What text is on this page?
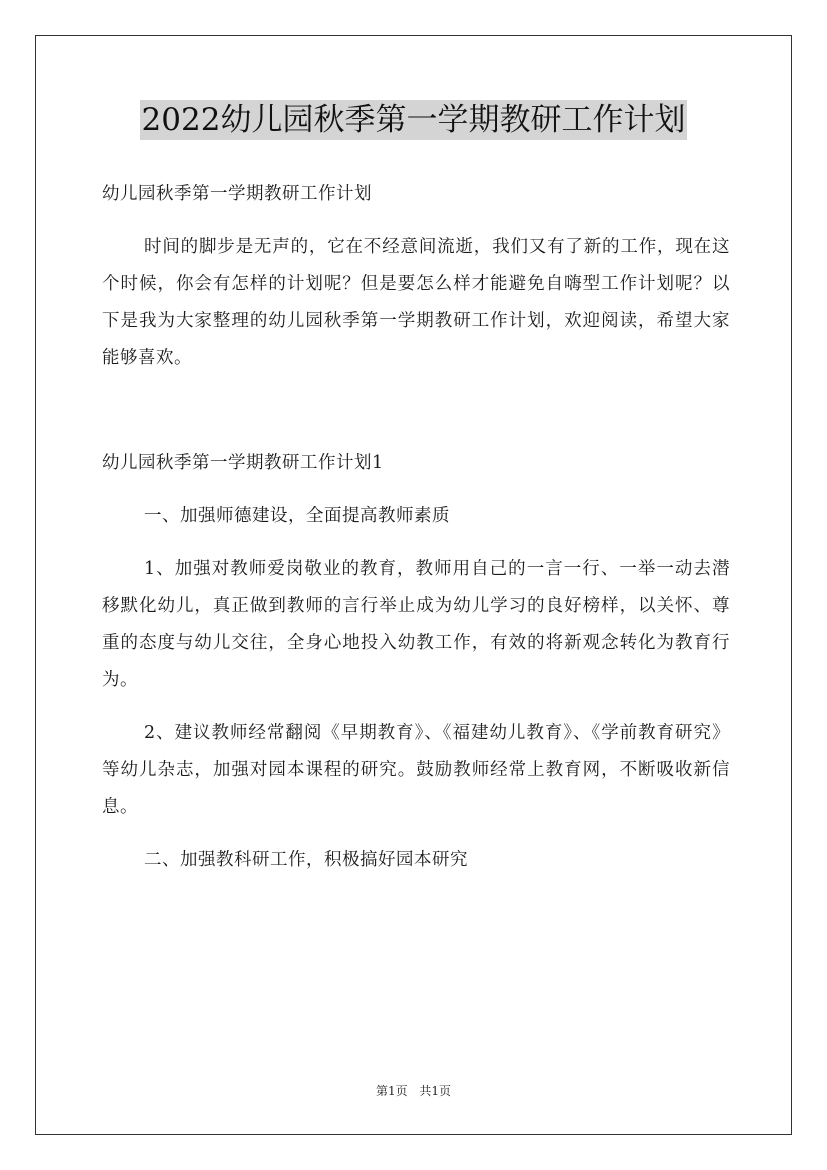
2022幼儿园秋季第一学期教研工作计划

幼儿园秋季第一学期教研工作计划

时间的脚步是无声的，它在不经意间流逝，我们又有了新的工作，现在这个时候，你会有怎样的计划呢？但是要怎么样才能避免自嗨型工作计划呢？以下是我为大家整理的幼儿园秋季第一学期教研工作计划，欢迎阅读，希望大家能够喜欢。

幼儿园秋季第一学期教研工作计划1

一、加强师德建设，全面提高教师素质

1、加强对教师爱岗敬业的教育，教师用自己的一言一行、一举一动去潜移默化幼儿，真正做到教师的言行举止成为幼儿学习的良好榜样，以关怀、尊重的态度与幼儿交往，全身心地投入幼教工作，有效的将新观念转化为教育行为。

2、建议教师经常翻阅《早期教育》、《福建幼儿教育》、《学前教育研究》等幼儿杂志，加强对园本课程的研究。鼓励教师经常上教育网，不断吸收新信息。

二、加强教科研工作，积极搞好园本研究

第1页 共1页
